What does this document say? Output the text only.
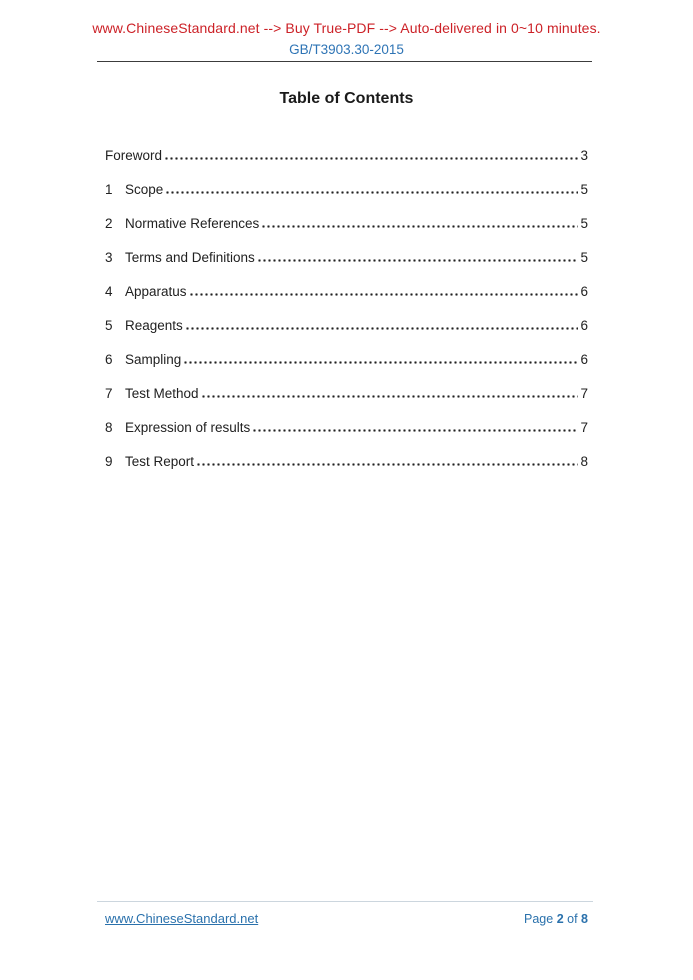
www.ChineseStandard.net --> Buy True-PDF --> Auto-delivered in 0~10 minutes.
GB/T3903.30-2015
Table of Contents
Foreword	3
1 Scope	5
2 Normative References	5
3 Terms and Definitions	5
4 Apparatus	6
5 Reagents	6
6 Sampling	6
7 Test Method	7
8 Expression of results	7
9 Test Report	8
www.ChineseStandard.net	Page 2 of 8
